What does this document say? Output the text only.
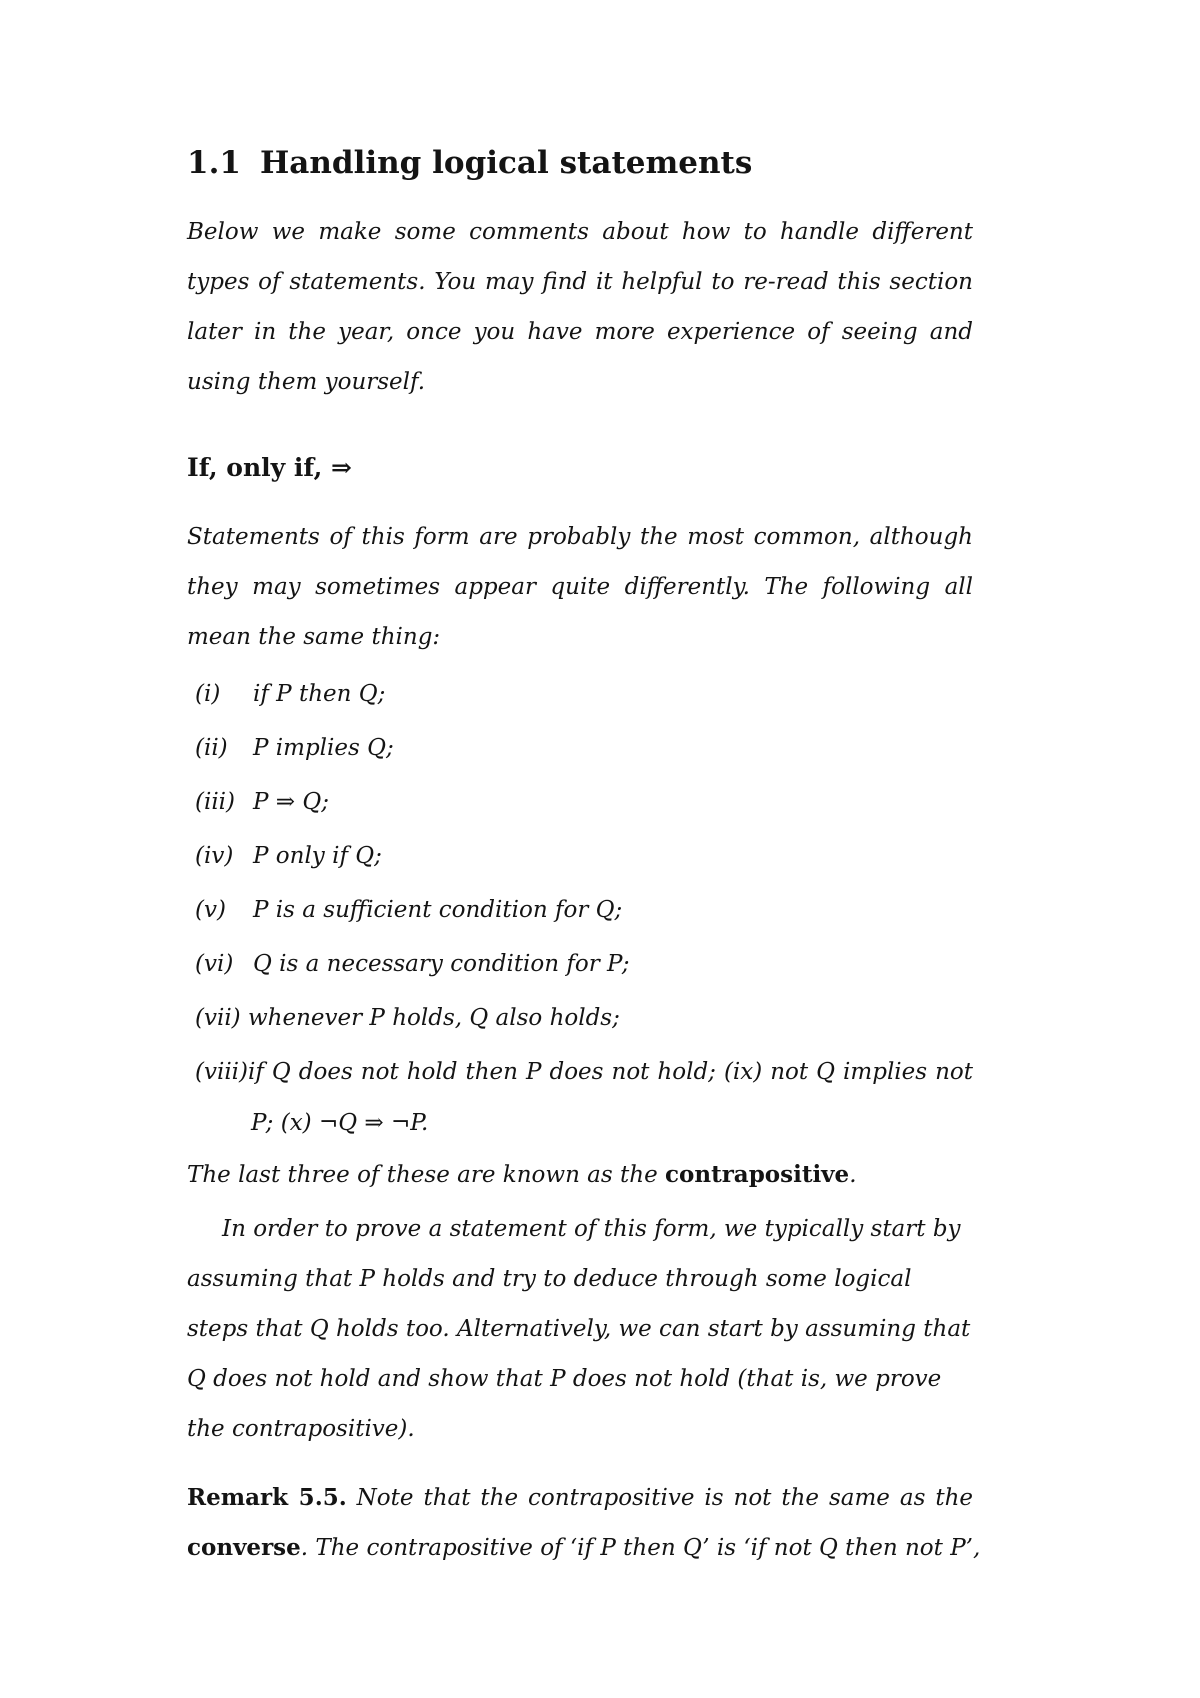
1.1 Handling logical statements

Below we make some comments about how to handle different
types of statements. You may find it helpful to re-read this section
later in the year, once you have more experience of seeing and
using them yourself.

If, only if, ⇒

Statements of this form are probably the most common, although
they may sometimes appear quite differently. The following all
mean the same thing:

(i) if P then Q;
(ii) P implies Q;
(iii) P ⇒ Q;
(iv) P only if Q;
(v) P is a sufficient condition for Q;
(vi) Q is a necessary condition for P;
(vii) whenever P holds, Q also holds;
(viii)if Q does not hold then P does not hold; (ix) not Q implies not
P; (x) ¬Q ⇒ ¬P.

The last three of these are known as the contrapositive.

In order to prove a statement of this form, we typically start by
assuming that P holds and try to deduce through some logical
steps that Q holds too. Alternatively, we can start by assuming that
Q does not hold and show that P does not hold (that is, we prove
the contrapositive).

Remark 5.5. Note that the contrapositive is not the same as the
converse. The contrapositive of ‘if P then Q’ is ‘if not Q then not P’,
